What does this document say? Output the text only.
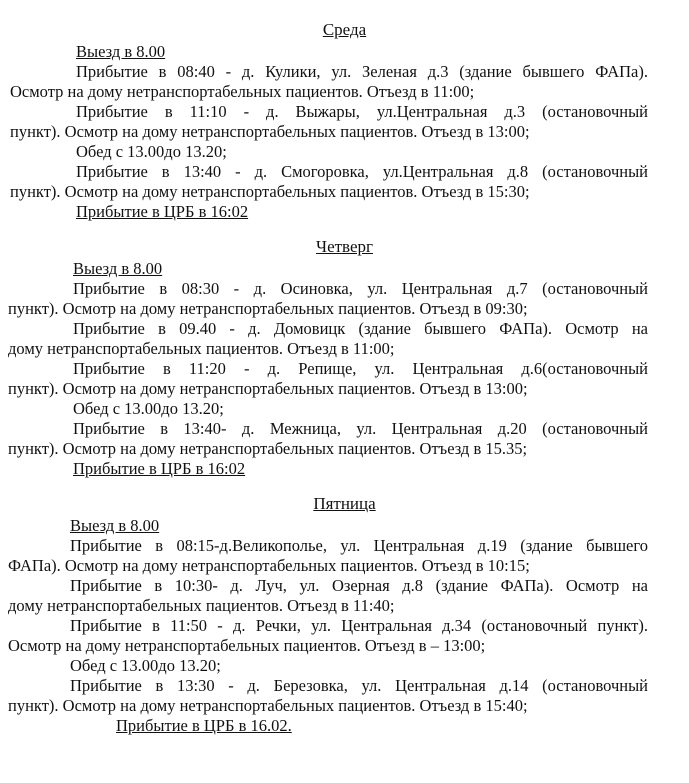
Среда
Выезд в 8.00
Прибытие в 08:40 - д. Кулики, ул. Зеленая д.3 (здание бывшего ФАПа).
Осмотр на дому нетранспортабельных пациентов. Отъезд в 11:00;
Прибытие в 11:10 - д. Выжары, ул.Центральная д.3 (остановочный
пункт). Осмотр на дому нетранспортабельных пациентов. Отъезд в 13:00;
Обед с 13.00до 13.20;
Прибытие в 13:40 - д. Смогоровка, ул.Центральная д.8 (остановочный
пункт). Осмотр на дому нетранспортабельных пациентов. Отъезд в 15:30;
Прибытие в ЦРБ в 16:02
Четверг
Выезд в 8.00
Прибытие в 08:30 - д. Осиновка, ул. Центральная д.7 (остановочный
пункт). Осмотр на дому нетранспортабельных пациентов. Отъезд в 09:30;
Прибытие в 09.40 - д. Домовицк (здание бывшего ФАПа). Осмотр на
дому нетранспортабельных пациентов. Отъезд в 11:00;
Прибытие в 11:20 - д. Репище, ул. Центральная д.6(остановочный
пункт). Осмотр на дому нетранспортабельных пациентов. Отъезд в 13:00;
Обед с 13.00до 13.20;
Прибытие в 13:40- д. Межница, ул. Центральная д.20 (остановочный
пункт). Осмотр на дому нетранспортабельных пациентов. Отъезд в 15.35;
Прибытие в ЦРБ в 16:02
Пятница
Выезд в 8.00
Прибытие в 08:15-д.Великополье, ул. Центральная д.19 (здание бывшего
ФАПа). Осмотр на дому нетранспортабельных пациентов. Отъезд в 10:15;
Прибытие в 10:30- д. Луч, ул. Озерная д.8 (здание ФАПа). Осмотр на
дому нетранспортабельных пациентов. Отъезд в 11:40;
Прибытие в 11:50 - д. Речки, ул. Центральная д.34 (остановочный пункт).
Осмотр на дому нетранспортабельных пациентов. Отъезд в – 13:00;
Обед с 13.00до 13.20;
Прибытие в 13:30 - д. Березовка, ул. Центральная д.14 (остановочный
пункт). Осмотр на дому нетранспортабельных пациентов. Отъезд в 15:40;
Прибытие в ЦРБ в 16.02.
